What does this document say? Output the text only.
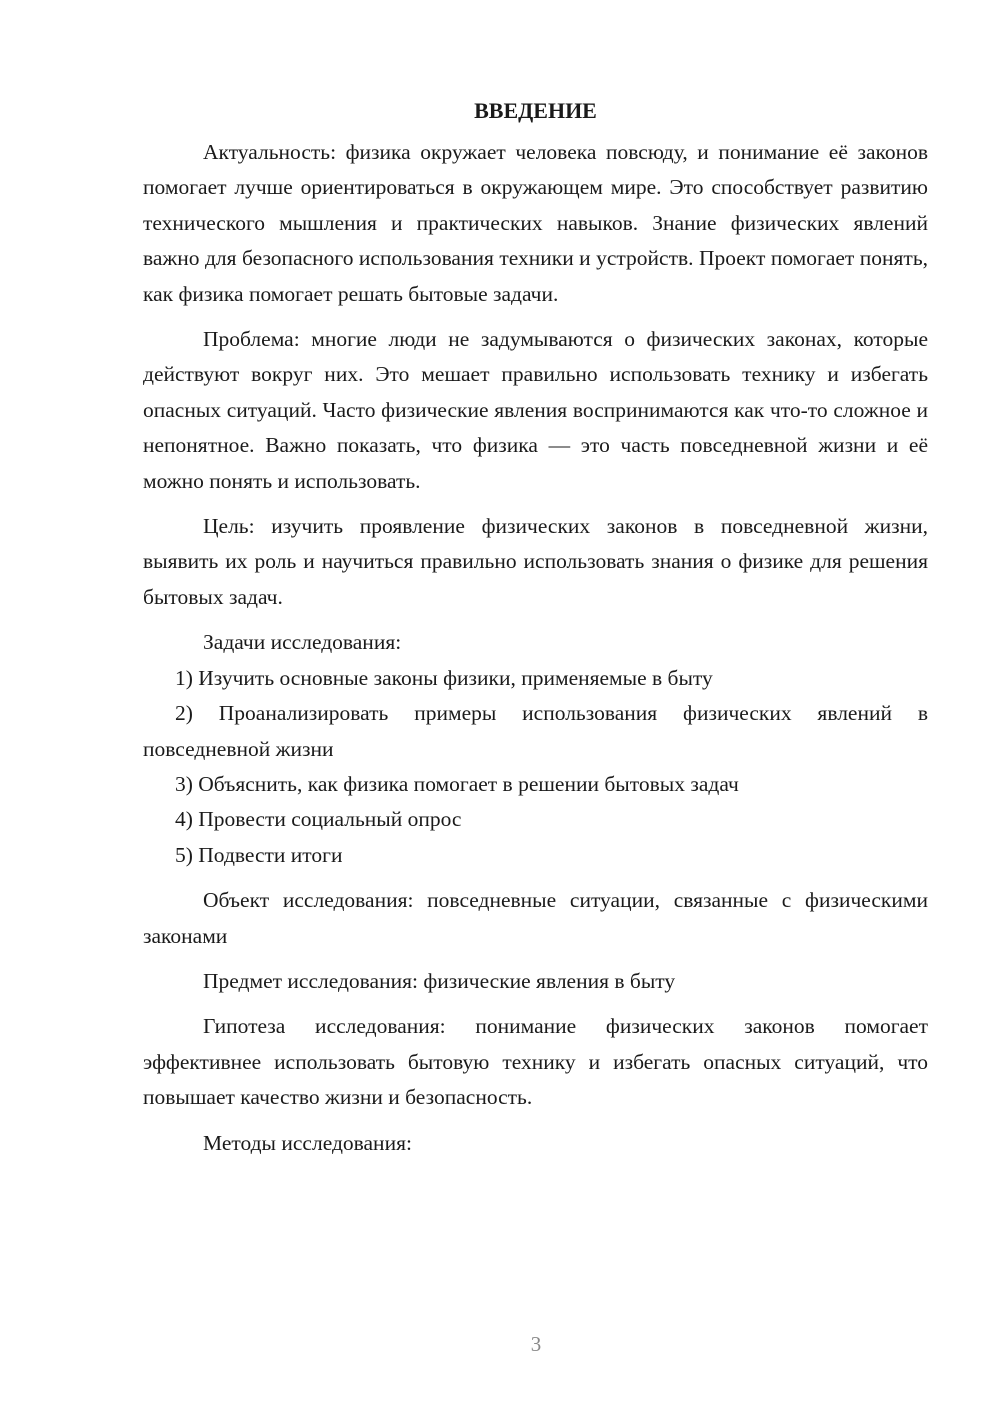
ВВЕДЕНИЕ

Актуальность: физика окружает человека повсюду, и понимание её законов помогает лучше ориентироваться в окружающем мире. Это способствует развитию технического мышления и практических навыков. Знание физических явлений важно для безопасного использования техники и устройств. Проект помогает понять, как физика помогает решать бытовые задачи.

Проблема: многие люди не задумываются о физических законах, которые действуют вокруг них. Это мешает правильно использовать технику и избегать опасных ситуаций. Часто физические явления воспринимаются как что-то сложное и непонятное. Важно показать, что физика — это часть повседневной жизни и её можно понять и использовать.

Цель: изучить проявление физических законов в повседневной жизни, выявить их роль и научиться правильно использовать знания о физике для решения бытовых задач.

Задачи исследования:

1) Изучить основные законы физики, применяемые в быту

2) Проанализировать примеры использования физических явлений в повседневной жизни

3) Объяснить, как физика помогает в решении бытовых задач

4) Провести социальный опрос

5) Подвести итоги

Объект исследования: повседневные ситуации, связанные с физическими законами

Предмет исследования: физические явления в быту

Гипотеза исследования: понимание физических законов помогает эффективнее использовать бытовую технику и избегать опасных ситуаций, что повышает качество жизни и безопасность.

Методы исследования:

3
